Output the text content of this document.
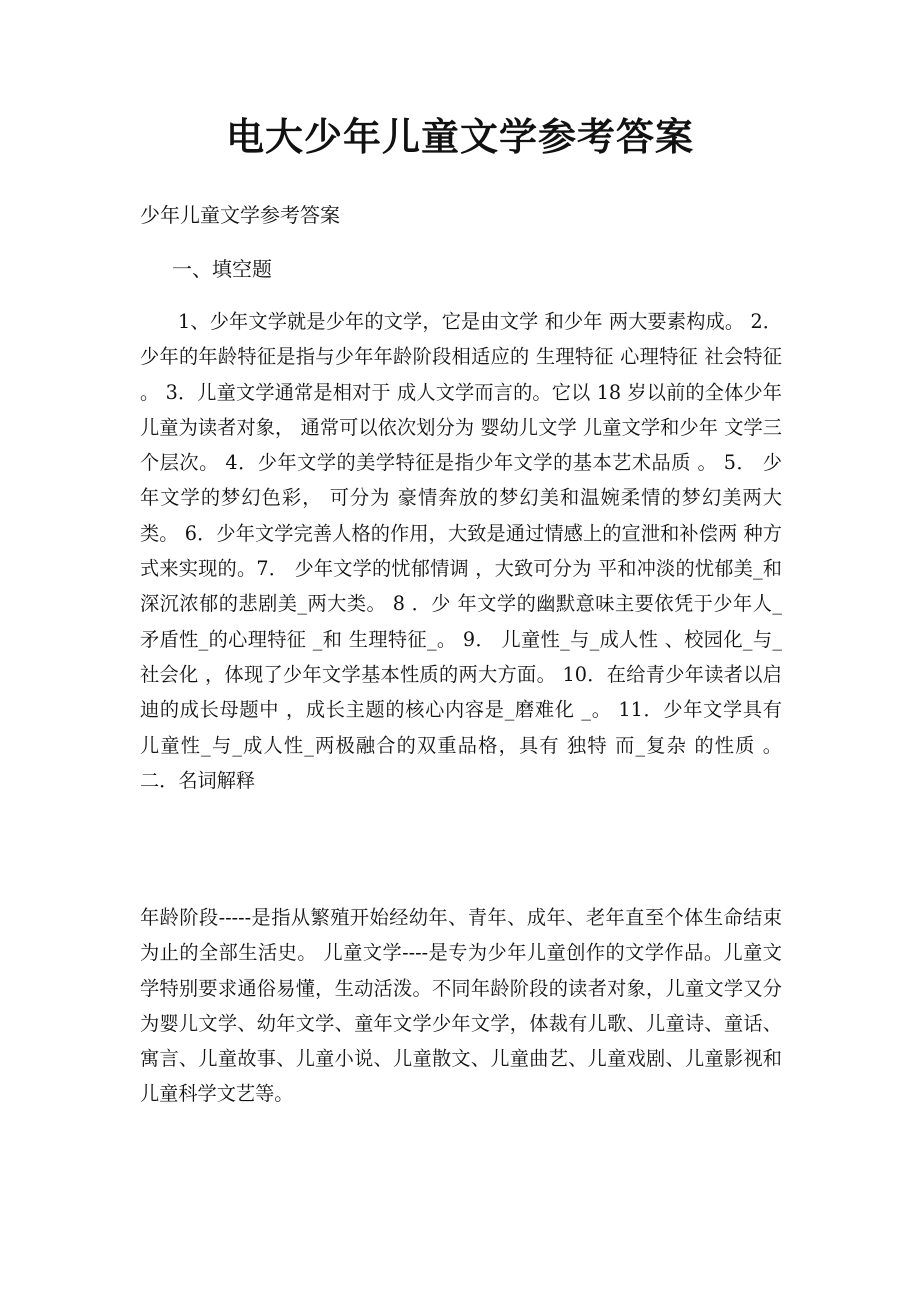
电大少年儿童文学参考答案

少年儿童文学参考答案

一、填空题

1、少年文学就是少年的文学，它是由文学 和少年 两大要素构成。 2． 少年的年龄特征是指与少年年龄阶段相适应的 生理特征 心理特征 社会特征 。 3．儿童文学通常是相对于 成人文学而言的。它以 18 岁以前的全体少年儿童为读者对象， 通常可以依次划分为 婴幼儿文学 儿童文学和少年 文学三个层次。 4．少年文学的美学特征是指少年文学的基本艺术品质 。 5． 少年文学的梦幻色彩， 可分为 豪情奔放的梦幻美和温婉柔情的梦幻美两大类。 6．少年文学完善人格的作用，大致是通过情感上的宣泄和补偿两 种方式来实现的。7． 少年文学的忧郁情调 ，大致可分为 平和冲淡的忧郁美_和 深沉浓郁的悲剧美_两大类。 8 ．少 年文学的幽默意味主要依凭于少年人_矛盾性_的心理特征 _和 生理特征_。 9． 儿童性_与_成人性 、校园化_与_社会化 ，体现了少年文学基本性质的两大方面。 10．在给青少年读者以启迪的成长母题中 ，成长主题的核心内容是_磨难化 _。 11．少年文学具有 儿童性_与_成人性_两极融合的双重品格，具有 独特 而_复杂 的性质 。 二．名词解释

年龄阶段-----是指从繁殖开始经幼年、青年、成年、老年直至个体生命结束为止的全部生活史。 儿童文学----是专为少年儿童创作的文学作品。儿童文学特别要求通俗易懂，生动活泼。不同年龄阶段的读者对象，儿童文学又分为婴儿文学、幼年文学、童年文学少年文学，体裁有儿歌、儿童诗、童话、寓言、儿童故事、儿童小说、儿童散文、儿童曲艺、儿童戏剧、儿童影视和儿童科学文艺等。
